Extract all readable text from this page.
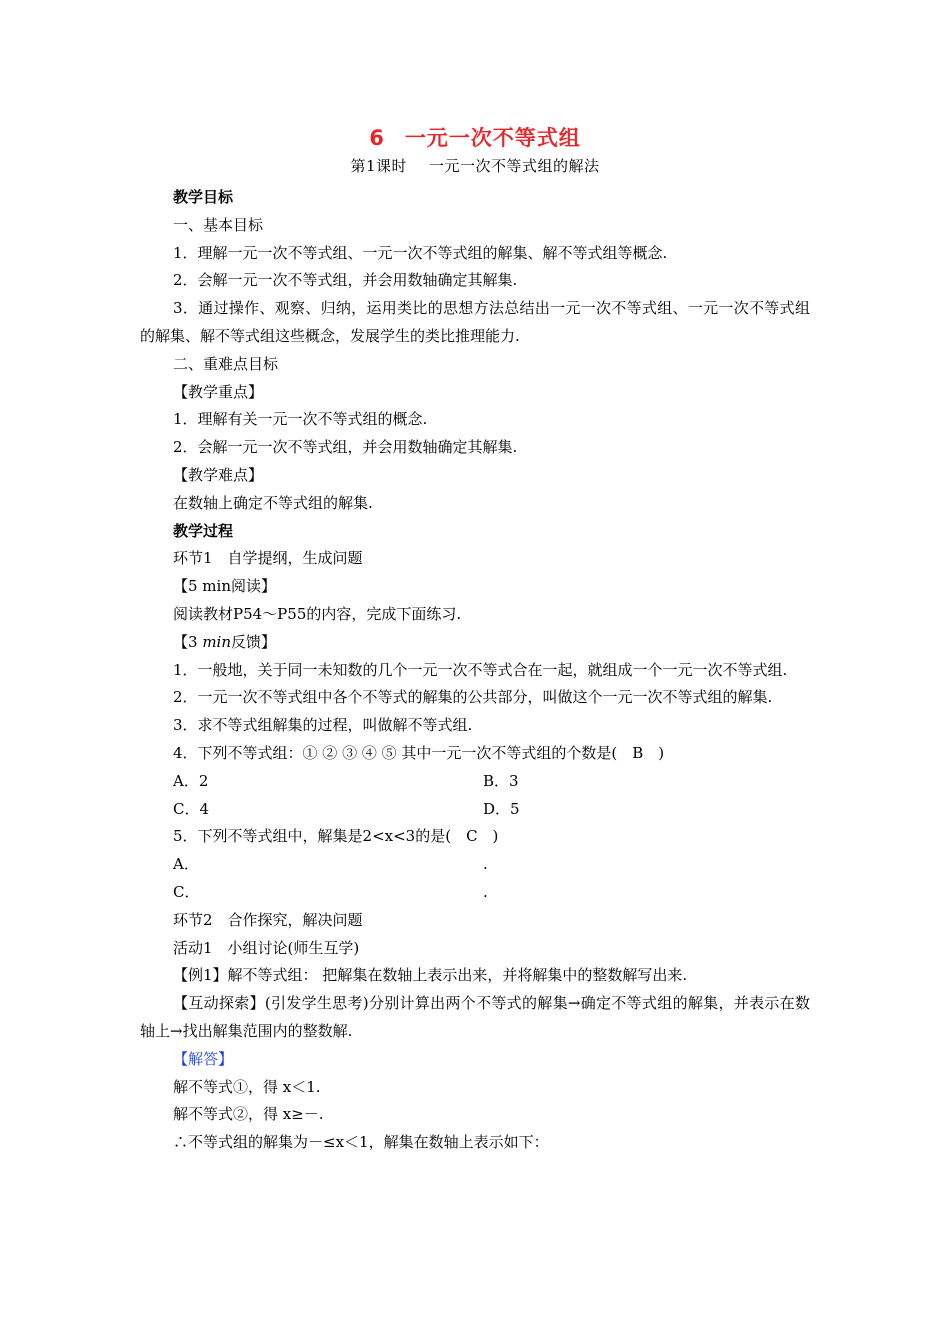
6 一元一次不等式组
第1课时 一元一次不等式组的解法

教学目标

一、基本目标

1．理解一元一次不等式组、一元一次不等式组的解集、解不等式组等概念.

2．会解一元一次不等式组，并会用数轴确定其解集.

3．通过操作、观察、归纳，运用类比的思想方法总结出一元一次不等式组、一元一次不等式组的解集、解不等式组这些概念，发展学生的类比推理能力.

二、重难点目标

【教学重点】

1．理解有关一元一次不等式组的概念.

2．会解一元一次不等式组，并会用数轴确定其解集.

【教学难点】

在数轴上确定不等式组的解集.

教学过程

环节1　自学提纲，生成问题

【5 min阅读】

阅读教材P54～P55的内容，完成下面练习.

【3 min反馈】

1．一般地，关于同一未知数的几个一元一次不等式合在一起，就组成一个一元一次不等式组.

2．一元一次不等式组中各个不等式的解集的公共部分，叫做这个一元一次不等式组的解集.

3．求不等式组解集的过程，叫做解不等式组.

4．下列不等式组：① ② ③ ④ ⑤ 其中一元一次不等式组的个数是(　B　)

A．2	B．3
C．4	D．5

5．下列不等式组中，解集是2<x<3的是(　C　)

A．	.
C．	.

环节2　合作探究，解决问题

活动1　小组讨论(师生互学)

【例1】解不等式组： 把解集在数轴上表示出来，并将解集中的整数解写出来.

【互动探索】(引发学生思考)分别计算出两个不等式的解集→确定不等式组的解集，并表示在数轴上→找出解集范围内的整数解.

【解答】

解不等式①，得 x＜1.

解不等式②，得 x≥－.

∴不等式组的解集为－≤x＜1，解集在数轴上表示如下：
